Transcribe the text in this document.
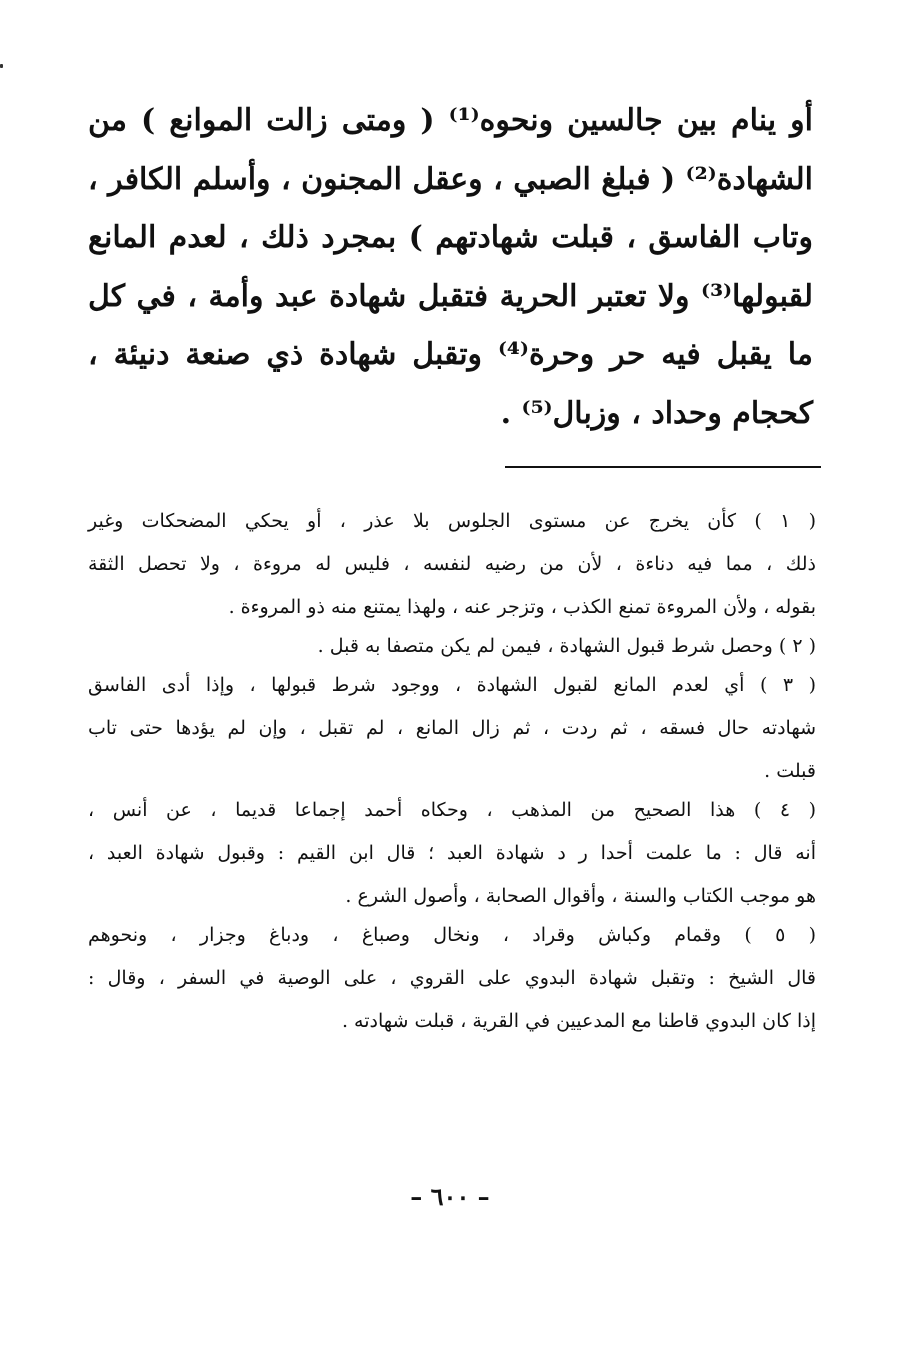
أو ينام بين جالسين ونحوه⁽¹⁾ ( ومتى زالت الموانع ) من
الشهادة⁽²⁾ ( فبلغ الصبي ، وعقل المجنون ، وأسلم الكافر ،
وتاب الفاسق ، قبلت شهادتهم ) بمجرد ذلك ، لعدم المانع
لقبولها⁽³⁾ ولا تعتبر الحرية فتقبل شهادة عبد وأمة ، في كل
ما يقبل فيه حر وحرة⁽⁴⁾ وتقبل شهادة ذي صنعة دنيئة ،
كحجام وحداد ، وزبال⁽⁵⁾ .
( ١ ) كأن يخرج عن مستوى الجلوس بلا عذر ، أو يحكي المضحكات وغير
ذلك ، مما فيه دناءة ، لأن من رضيه لنفسه ، فليس له مروءة ، ولا تحصل الثقة
بقوله ، ولأن المروءة تمنع الكذب ، وتزجر عنه ، ولهذا يمتنع منه ذو المروءة .
( ٢ ) وحصل شرط قبول الشهادة ، فيمن لم يكن متصفا به قبل .
( ٣ ) أي لعدم المانع لقبول الشهادة ، ووجود شرط قبولها ، وإذا أدى الفاسق
شهادته حال فسقه ، ثم ردت ، ثم زال المانع ، لم تقبل ، وإن لم يؤدها حتى تاب
قبلت .
( ٤ ) هذا الصحيح من المذهب ، وحكاه أحمد إجماعا قديما ، عن أنس ،
أنه قال : ما علمت أحدا ر د شهادة العبد ؛ قال ابن القيم : وقبول شهادة العبد ،
هو موجب الكتاب والسنة ، وأقوال الصحابة ، وأصول الشرع .
( ٥ ) وقمام وكباش وقراد ، ونخال وصباغ ، ودباغ وجزار ، ونحوهم
قال الشيخ : وتقبل شهادة البدوي على القروي ، على الوصية في السفر ، وقال :
إذا كان البدوي قاطنا مع المدعيين في القرية ، قبلت شهادته .
– ٦٠٠ –
